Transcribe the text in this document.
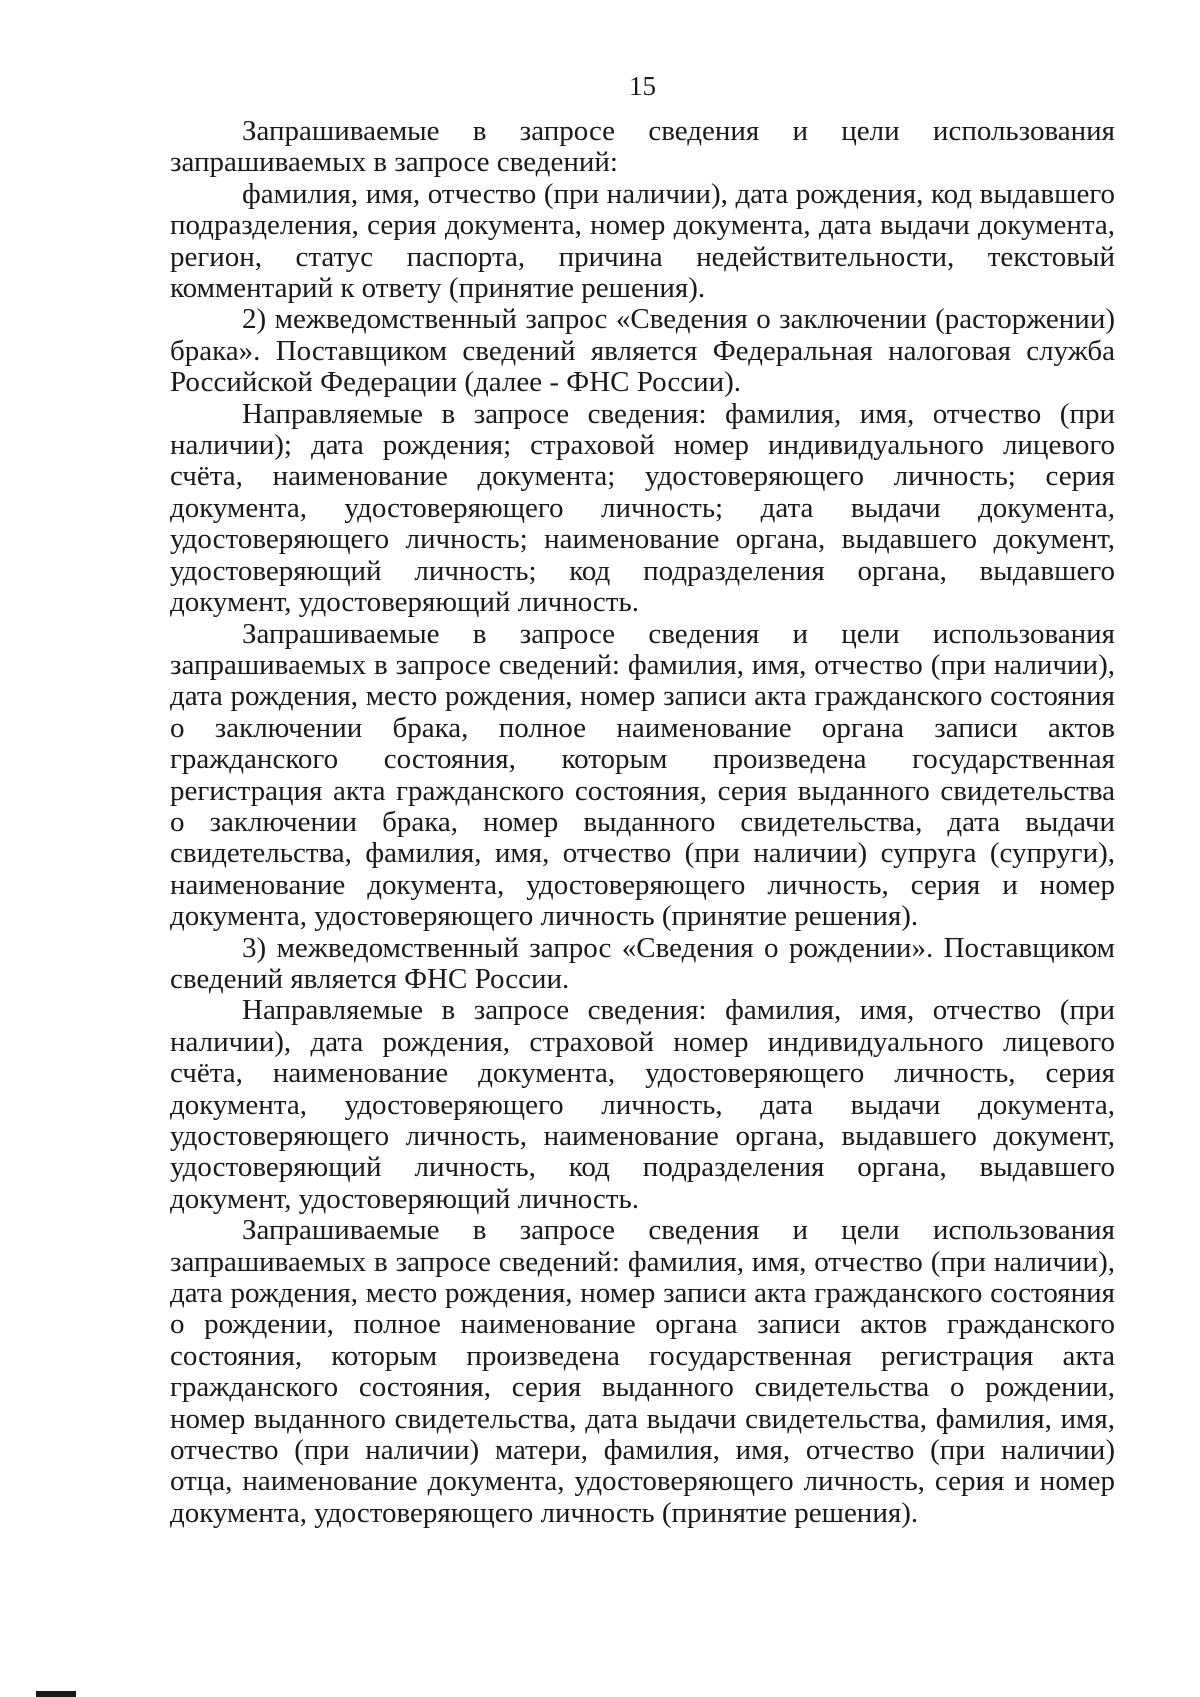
15

Запрашиваемые в запросе сведения и цели использования запрашиваемых в запросе сведений:

фамилия, имя, отчество (при наличии), дата рождения, код выдавшего подразделения, серия документа, номер документа, дата выдачи документа, регион, статус паспорта, причина недействительности, текстовый комментарий к ответу (принятие решения).

2) межведомственный запрос «Сведения о заключении (расторжении) брака». Поставщиком сведений является Федеральная налоговая служба Российской Федерации (далее - ФНС России).

Направляемые в запросе сведения: фамилия, имя, отчество (при наличии); дата рождения; страховой номер индивидуального лицевого счёта, наименование документа; удостоверяющего личность; серия документа, удостоверяющего личность; дата выдачи документа, удостоверяющего личность; наименование органа, выдавшего документ, удостоверяющий личность; код подразделения органа, выдавшего документ, удостоверяющий личность.

Запрашиваемые в запросе сведения и цели использования запрашиваемых в запросе сведений: фамилия, имя, отчество (при наличии), дата рождения, место рождения, номер записи акта гражданского состояния о заключении брака, полное наименование органа записи актов гражданского состояния, которым произведена государственная регистрация акта гражданского состояния, серия выданного свидетельства о заключении брака, номер выданного свидетельства, дата выдачи свидетельства, фамилия, имя, отчество (при наличии) супруга (супруги), наименование документа, удостоверяющего личность, серия и номер документа, удостоверяющего личность (принятие решения).

3) межведомственный запрос «Сведения о рождении». Поставщиком сведений является ФНС России.

Направляемые в запросе сведения: фамилия, имя, отчество (при наличии), дата рождения, страховой номер индивидуального лицевого счёта, наименование документа, удостоверяющего личность, серия документа, удостоверяющего личность, дата выдачи документа, удостоверяющего личность, наименование органа, выдавшего документ, удостоверяющий личность, код подразделения органа, выдавшего документ, удостоверяющий личность.

Запрашиваемые в запросе сведения и цели использования запрашиваемых в запросе сведений: фамилия, имя, отчество (при наличии), дата рождения, место рождения, номер записи акта гражданского состояния о рождении, полное наименование органа записи актов гражданского состояния, которым произведена государственная регистрация акта гражданского состояния, серия выданного свидетельства о рождении, номер выданного свидетельства, дата выдачи свидетельства, фамилия, имя, отчество (при наличии) матери, фамилия, имя, отчество (при наличии) отца, наименование документа, удостоверяющего личность, серия и номер документа, удостоверяющего личность (принятие решения).
